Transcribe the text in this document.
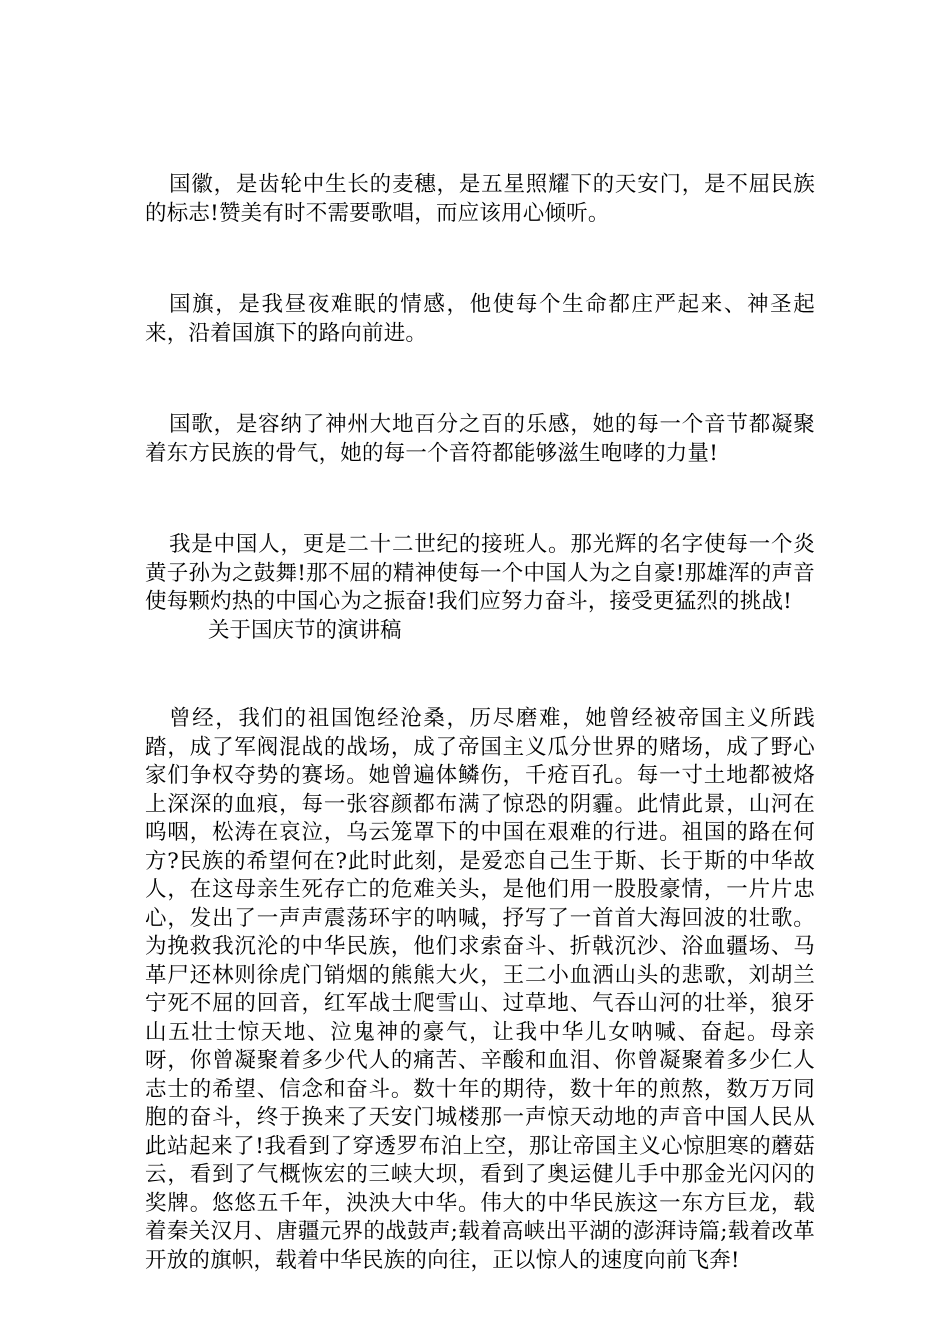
国徽，是齿轮中生长的麦穗，是五星照耀下的天安门，是不屈民族的标志!赞美有时不需要歌唱，而应该用心倾听。

国旗，是我昼夜难眠的情感，他使每个生命都庄严起来、神圣起来，沿着国旗下的路向前进。

国歌，是容纳了神州大地百分之百的乐感，她的每一个音节都凝聚着东方民族的骨气，她的每一个音符都能够滋生咆哮的力量!

我是中国人，更是二十二世纪的接班人。那光辉的名字使每一个炎黄子孙为之鼓舞!那不屈的精神使每一个中国人为之自豪!那雄浑的声音使每颗灼热的中国心为之振奋!我们应努力奋斗，接受更猛烈的挑战!

关于国庆节的演讲稿

曾经，我们的祖国饱经沧桑，历尽磨难，她曾经被帝国主义所践踏，成了军阀混战的战场，成了帝国主义瓜分世界的赌场，成了野心家们争权夺势的赛场。她曾遍体鳞伤，千疮百孔。每一寸土地都被烙上深深的血痕，每一张容颜都布满了惊恐的阴霾。此情此景，山河在呜咽，松涛在哀泣，乌云笼罩下的中国在艰难的行进。祖国的路在何方?民族的希望何在?此时此刻，是爱恋自己生于斯、长于斯的中华故人，在这母亲生死存亡的危难关头，是他们用一股股豪情，一片片忠心，发出了一声声震荡环宇的呐喊，抒写了一首首大海回波的壮歌。为挽救我沉沦的中华民族，他们求索奋斗、折戟沉沙、浴血疆场、马革尸还林则徐虎门销烟的熊熊大火，王二小血洒山头的悲歌，刘胡兰宁死不屈的回音，红军战士爬雪山、过草地、气吞山河的壮举，狼牙山五壮士惊天地、泣鬼神的豪气，让我中华儿女呐喊、奋起。母亲呀，你曾凝聚着多少代人的痛苦、辛酸和血泪、你曾凝聚着多少仁人志士的希望、信念和奋斗。数十年的期待，数十年的煎熬，数万万同胞的奋斗，终于换来了天安门城楼那一声惊天动地的声音中国人民从此站起来了!我看到了穿透罗布泊上空，那让帝国主义心惊胆寒的蘑菇云，看到了气概恢宏的三峡大坝，看到了奥运健儿手中那金光闪闪的奖牌。悠悠五千年，泱泱大中华。伟大的中华民族这一东方巨龙，载着秦关汉月、唐疆元界的战鼓声;载着高峡出平湖的澎湃诗篇;载着改革开放的旗帜，载着中华民族的向往，正以惊人的速度向前飞奔!
